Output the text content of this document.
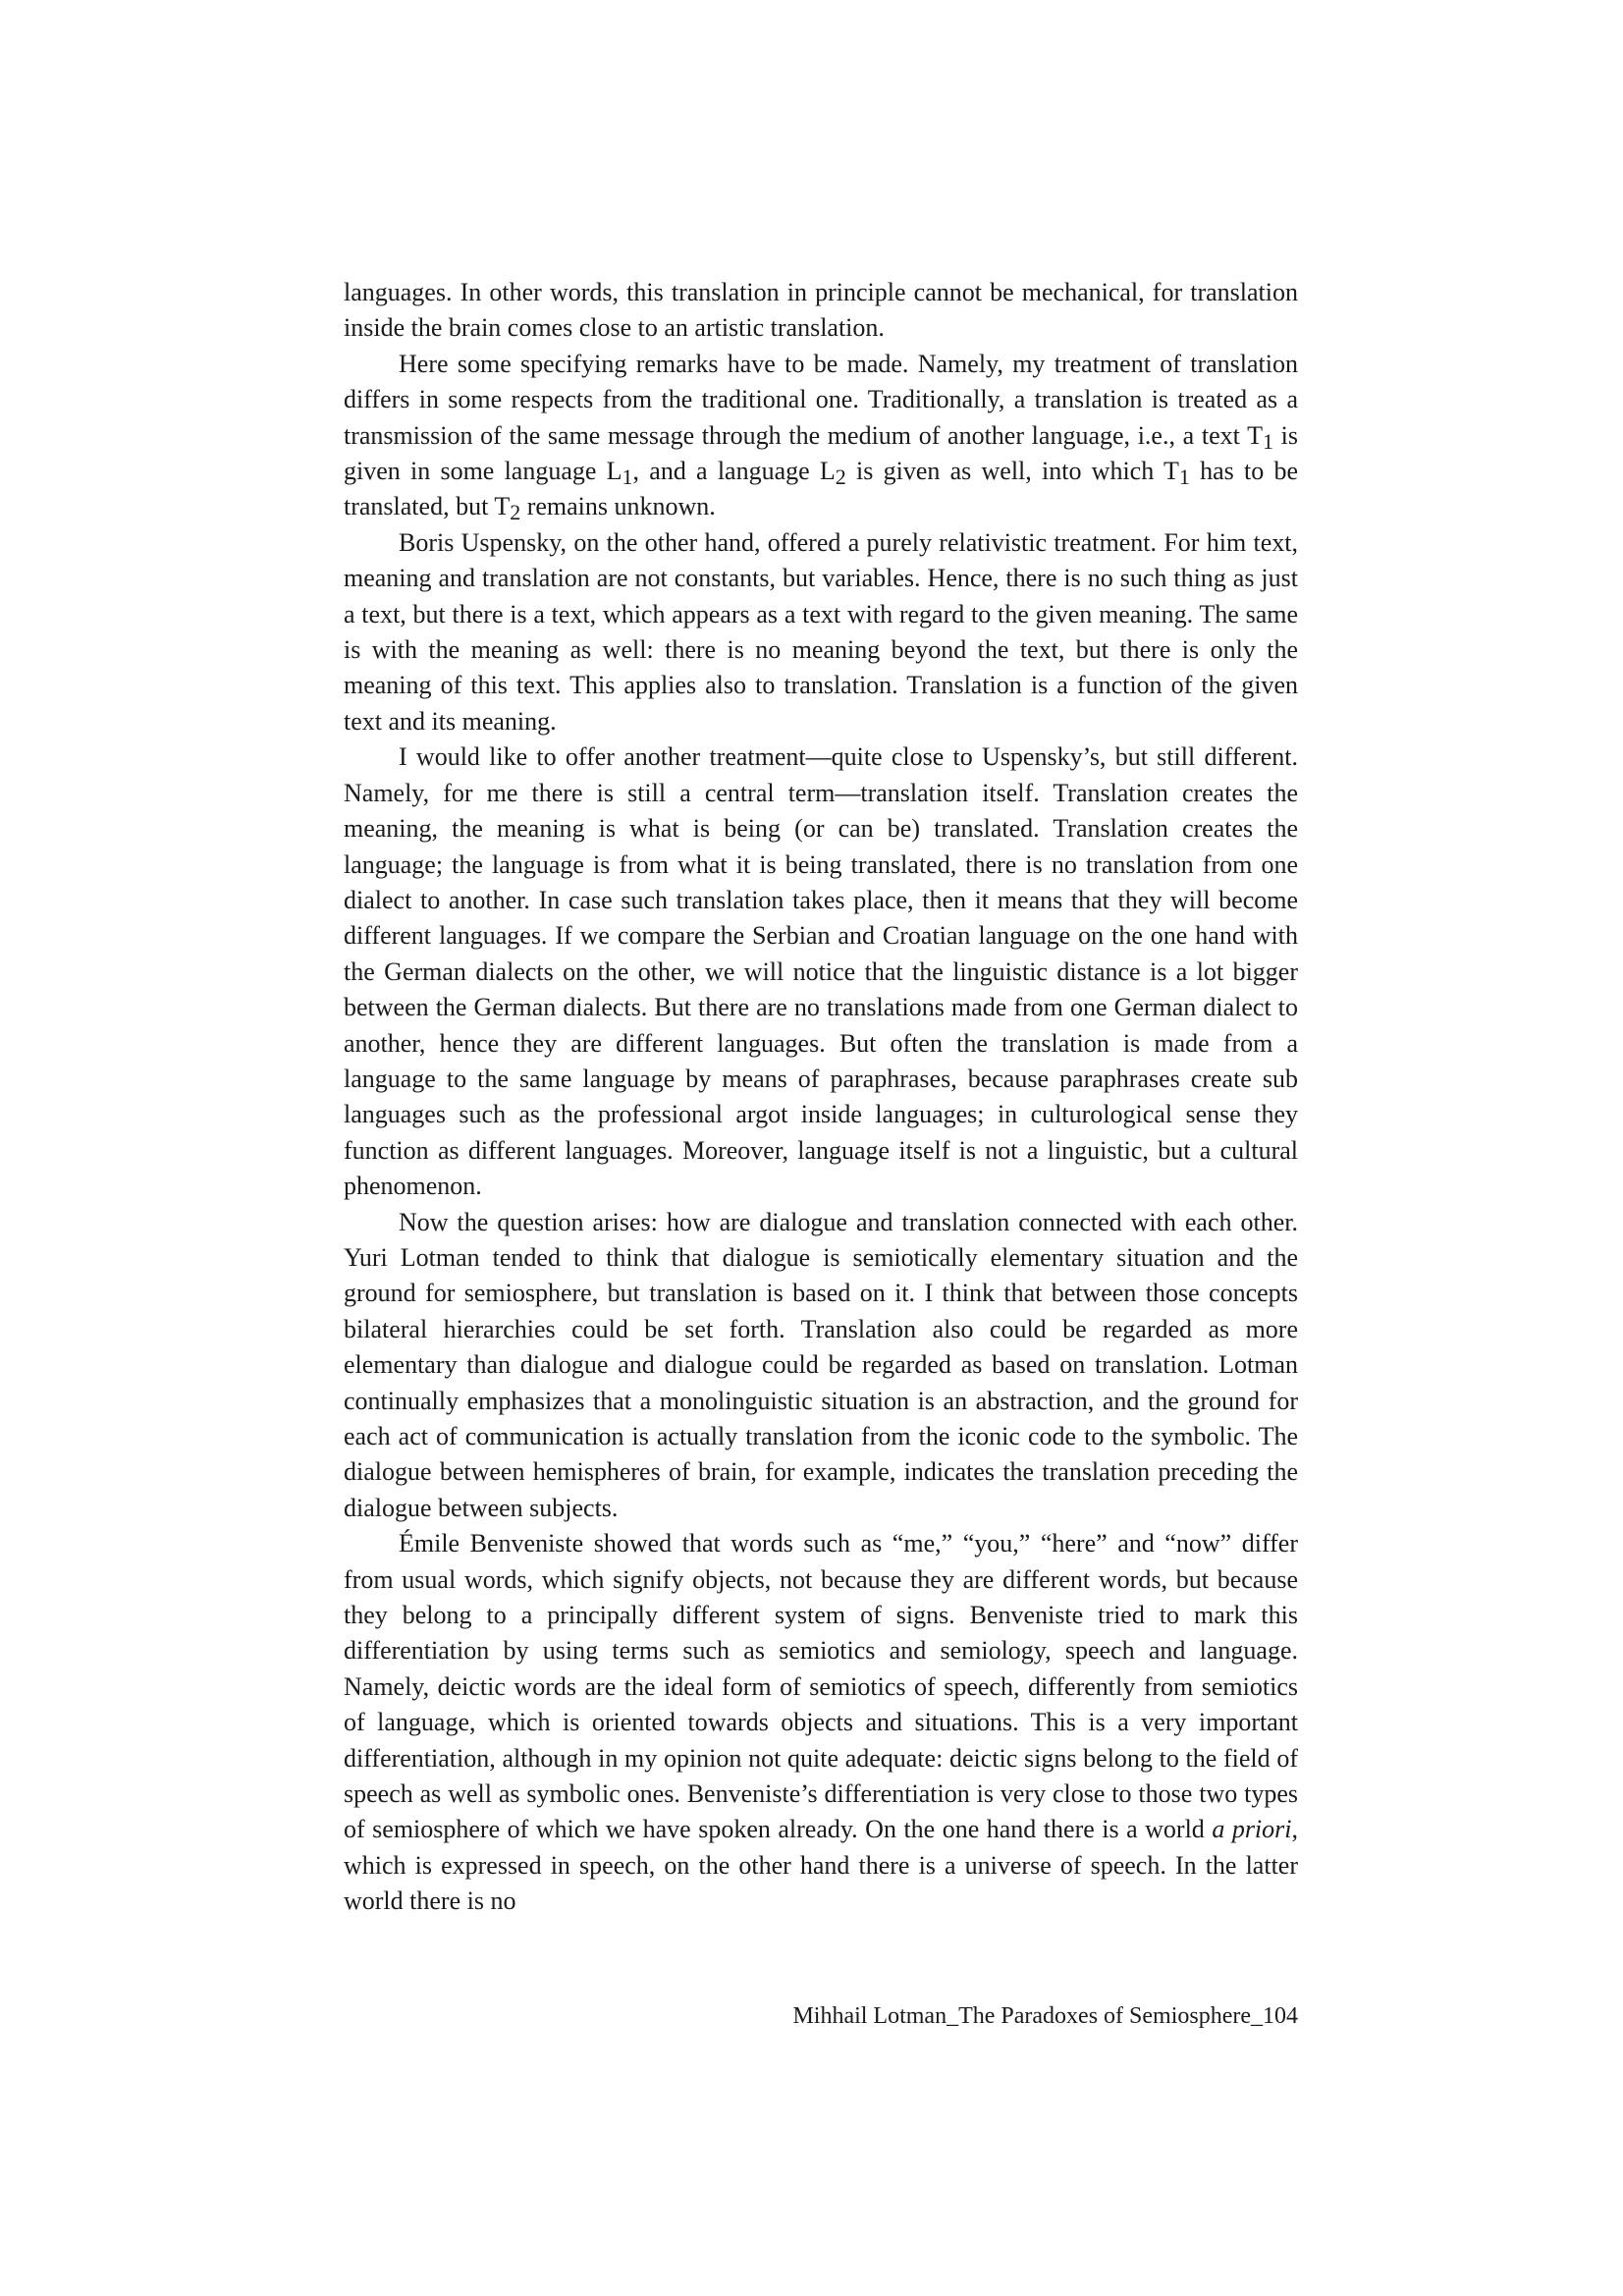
languages. In other words, this translation in principle cannot be mechanical, for translation inside the brain comes close to an artistic translation.

Here some specifying remarks have to be made. Namely, my treatment of translation differs in some respects from the traditional one. Traditionally, a translation is treated as a transmission of the same message through the medium of another language, i.e., a text $T_1$ is given in some language $L_1$, and a language $L_2$ is given as well, into which $T_1$ has to be translated, but $T_2$ remains unknown.

Boris Uspensky, on the other hand, offered a purely relativistic treatment. For him text, meaning and translation are not constants, but variables. Hence, there is no such thing as just a text, but there is a text, which appears as a text with regard to the given meaning. The same is with the meaning as well: there is no meaning beyond the text, but there is only the meaning of this text. This applies also to translation. Translation is a function of the given text and its meaning.

I would like to offer another treatment—quite close to Uspensky’s, but still different. Namely, for me there is still a central term—translation itself. Translation creates the meaning, the meaning is what is being (or can be) translated. Translation creates the language; the language is from what it is being translated, there is no translation from one dialect to another. In case such translation takes place, then it means that they will become different languages. If we compare the Serbian and Croatian language on the one hand with the German dialects on the other, we will notice that the linguistic distance is a lot bigger between the German dialects. But there are no translations made from one German dialect to another, hence they are different languages. But often the translation is made from a language to the same language by means of paraphrases, because paraphrases create sub languages such as the professional argot inside languages; in culturological sense they function as different languages. Moreover, language itself is not a linguistic, but a cultural phenomenon.

Now the question arises: how are dialogue and translation connected with each other. Yuri Lotman tended to think that dialogue is semiotically elementary situation and the ground for semiosphere, but translation is based on it. I think that between those concepts bilateral hierarchies could be set forth. Translation also could be regarded as more elementary than dialogue and dialogue could be regarded as based on translation. Lotman continually emphasizes that a monolinguistic situation is an abstraction, and the ground for each act of communication is actually translation from the iconic code to the symbolic. The dialogue between hemispheres of brain, for example, indicates the translation preceding the dialogue between subjects.

Émile Benveniste showed that words such as “me,” “you,” “here” and “now” differ from usual words, which signify objects, not because they are different words, but because they belong to a principally different system of signs. Benveniste tried to mark this differentiation by using terms such as semiotics and semiology, speech and language. Namely, deictic words are the ideal form of semiotics of speech, differently from semiotics of language, which is oriented towards objects and situations. This is a very important differentiation, although in my opinion not quite adequate: deictic signs belong to the field of speech as well as symbolic ones. Benveniste’s differentiation is very close to those two types of semiosphere of which we have spoken already. On the one hand there is a world a priori, which is expressed in speech, on the other hand there is a universe of speech. In the latter world there is no

Mihhail Lotman_The Paradoxes of Semiosphere_104
